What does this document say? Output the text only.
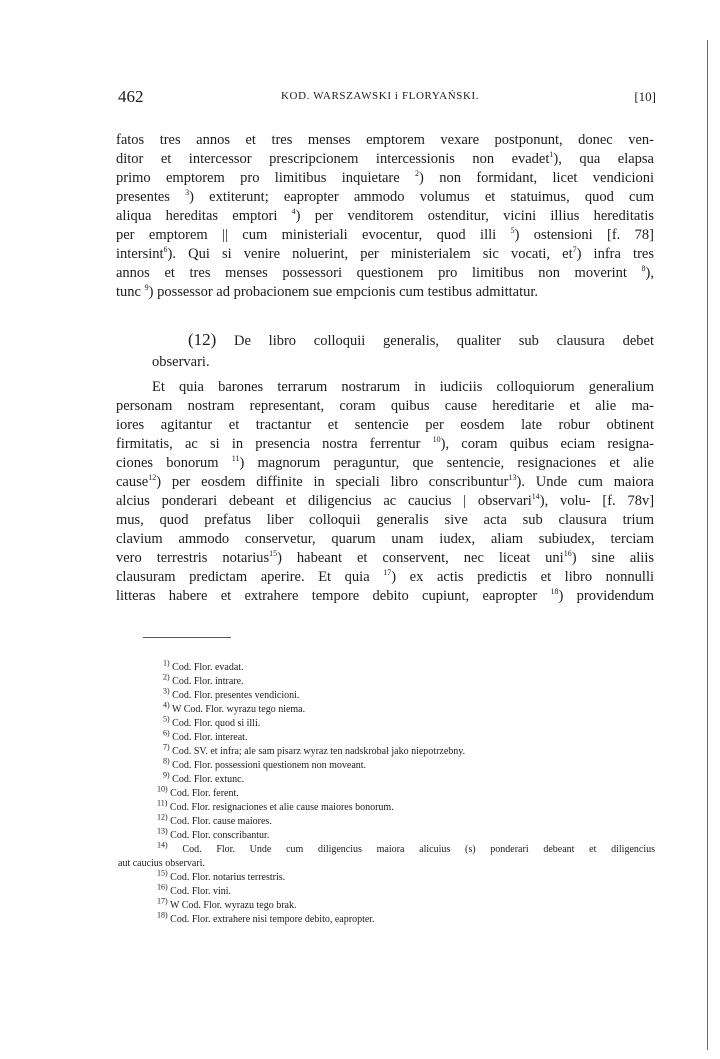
462	KOD. WARSZAWSKI i FLORYAŃSKI.	[10]
fatos tres annos et tres menses emptorem vexare postponunt, donec ven-
ditor et intercessor prescripcionem intercessionis non evadet$^1$), qua elapsa
primo emptorem pro limitibus inquietare $^2$) non formidant, licet vendicioni
presentes $^3$) extiterunt; eapropter ammodo volumus et statuimus, quod cum
aliqua hereditas emptori $^4$) per venditorem ostenditur, vicini illius hereditatis
per emptorem || cum ministeriali evocentur, quod illi $^5$) ostensioni [f. 78]
intersint$^6$). Qui si venire noluerint, per ministerialem sic vocati, $et^7$) infra tres
annos et tres menses possessori questionem pro limitibus non moverint $^8$),
tunc $^9$) possessor ad probacionem sue empcionis cum testibus admittatur.
(12) De libro colloquii generalis, qualiter sub clausura debet
observari.
Et quia barones terrarum nostrarum in iudiciis colloquiorum generalium
personam nostram representant, coram quibus cause hereditarie et alie ma-
iores agitantur et tractantur et sentencie per eosdem late robur obtinent
firmitatis, ac si in presencia nostra ferrentur $^{10}$), coram quibus eciam resigna-
ciones bonorum $^{11}$) magnorum peraguntur, que sentencie, resignaciones et alie
cause$^{12}$) per eosdem diffinite in speciali libro conscribuntur$^{13}$). Unde cum maiora
alcius ponderari debeant et diligencius ac caucius | observari$^{14}$), volu- [f. 78v]
mus, quod prefatus liber colloquii generalis sive acta sub clausura trium
clavium ammodo conservetur, quarum unam iudex, aliam subiudex, terciam
vero terrestris notarius$^{15}$) habeant et conservent, nec liceat uni$^{16}$) sine aliis
clausuram predictam aperire. Et quia $^{17}$) ex actis predictis et libro nonnulli
litteras habere et extrahere tempore debito cupiunt, eapropter $^{18}$) providendum
$^{1)}$ Cod. Flor. evadat.
$^{2)}$ Cod. Flor. intrare.
$^{3)}$ Cod. Flor. presentes vendicioni.
$^{4)}$ W Cod. Flor. wyrazu tego niema.
$^{5)}$ Cod. Flor. quod si illi.
$^{6)}$ Cod. Flor. intereat.
$^{7)}$ Cod. SV. et infra; ale sam pisarz wyraz ten nadskrobał jako niepotrzebny.
$^{8)}$ Cod. Flor. possessioni questionem non moveant.
$^{9)}$ Cod. Flor. extunc.
$^{10)}$ Cod. Flor. ferent.
$^{11)}$ Cod. Flor. resignaciones et alie cause maiores bonorum.
$^{12)}$ Cod. Flor. cause maiores.
$^{13)}$ Cod. Flor. conscribantur.
$^{14)}$ Cod. Flor. Unde cum diligencius maiora alicuius (s) ponderari debeant et diligencius
aut caucius observari.
$^{15)}$ Cod. Flor. notarius terrestris.
$^{16)}$ Cod. Flor. vini.
$^{17)}$ W Cod. Flor. wyrazu tego brak.
$^{18)}$ Cod. Flor. extrahere nisi tempore debito, eapropter.
